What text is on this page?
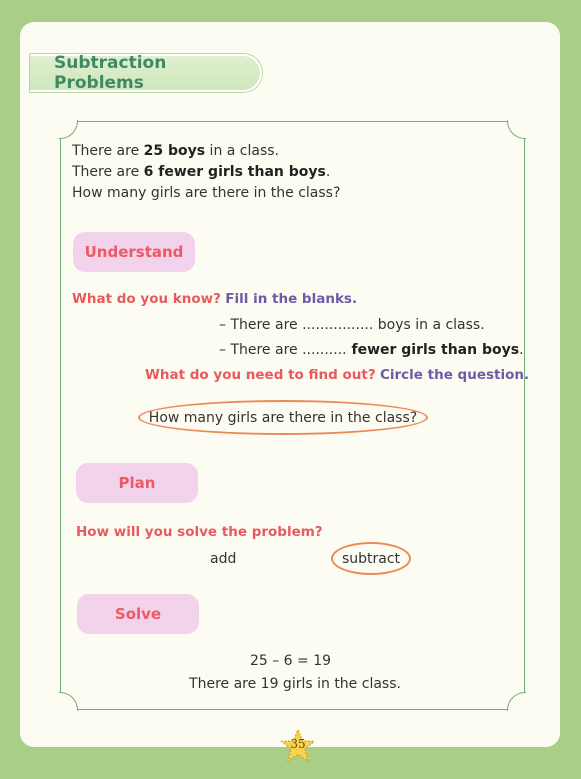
Subtraction Problems
There are 25 boys in a class.
There are 6 fewer girls than boys.
How many girls are there in the class?
Understand
What do you know? Fill in the blanks.
– There are ................ boys in a class.
– There are .......... fewer girls than boys.
What do you need to find out? Circle the question.
How many girls are there in the class?
Plan
How will you solve the problem?
add	subtract
Solve
25 – 6 = 19
There are 19 girls in the class.
35
